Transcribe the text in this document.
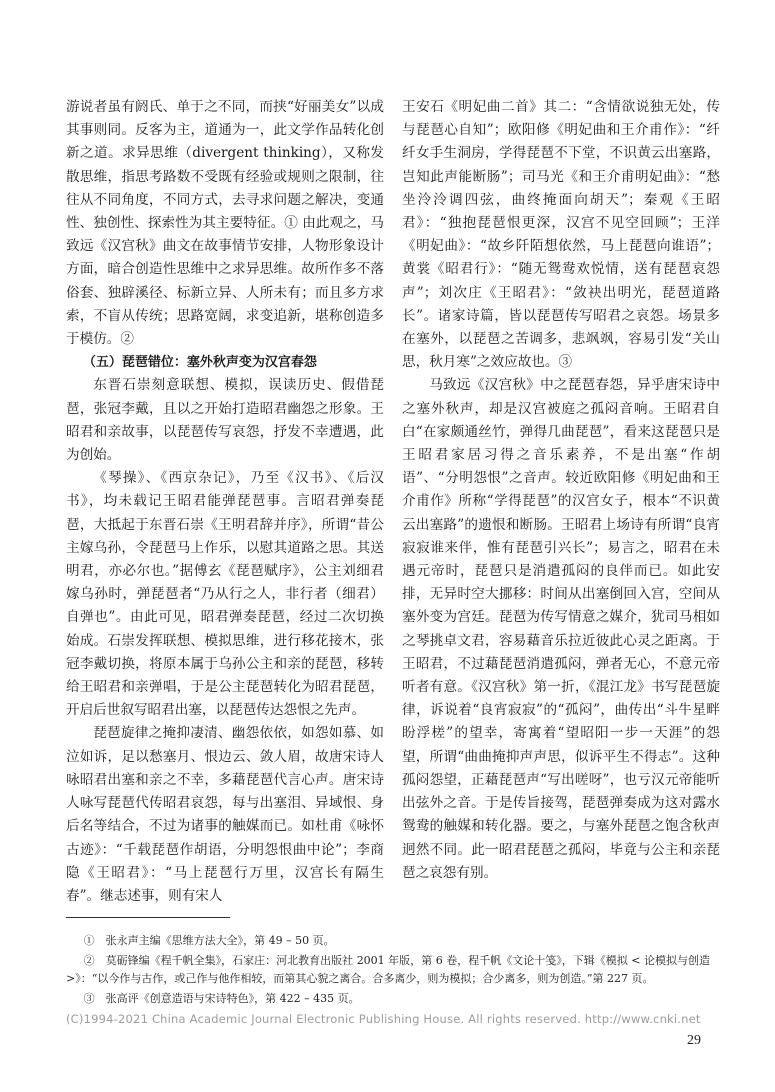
游说者虽有阏氏、单于之不同，而挟“好丽美女”以成其事则同。反客为主，道通为一，此文学作品转化创新之道。求异思维（divergent thinking），又称发散思维，指思考路数不受既有经验或规则之限制，往往从不同角度，不同方式，去寻求问题之解决，变通性、独创性、探索性为其主要特征。① 由此观之，马致远《汉宫秋》曲文在故事情节安排，人物形象设计方面，暗合创造性思维中之求异思维。故所作多不落俗套、独辟溪径、标新立异、人所未有；而且多方求索，不盲从传统；思路宽阔，求变追新，堪称创造多于模仿。②

（五）琵琶错位：塞外秋声变为汉宫春怨

东晋石崇刻意联想、模拟，误读历史、假借琵琶，张冠李戴，且以之开始打造昭君幽怨之形象。王昭君和亲故事，以琵琶传写哀怨，抒发不幸遭遇，此为创始。

《琴操》、《西京杂记》，乃至《汉书》、《后汉书》，均未载记王昭君能弹琵琶事。言昭君弹奏琵琶，大抵起于东晋石崇《王明君辞并序》，所谓“昔公主嫁乌孙，令琵琶马上作乐，以慰其道路之思。其送明君，亦必尔也。”据傅玄《琵琶赋序》，公主刘细君嫁乌孙时，弹琵琶者“乃从行之人，非行者（细君）自弹也”。由此可见，昭君弹奏琵琶，经过二次切换始成。石崇发挥联想、模拟思维，进行移花接木，张冠李戴切换，将原本属于乌孙公主和亲的琵琶，移转给王昭君和亲弹唱，于是公主琵琶转化为昭君琵琶，开启后世叙写昭君出塞，以琵琶传达怨恨之先声。

琵琶旋律之掩抑凄清、幽怨依依，如怨如慕、如泣如诉，足以愁塞月、恨边云、敛人眉，故唐宋诗人咏昭君出塞和亲之不幸，多藉琵琶代言心声。唐宋诗人咏写琵琶代传昭君哀怨，每与出塞泪、异域恨、身后名等结合，不过为诸事的触媒而已。如杜甫《咏怀古迹》：“千载琵琶作胡语，分明怨恨曲中论”；李商隐《王昭君》：“马上琵琶行万里，汉宫长有隔生春”。继志述事，则有宋人

王安石《明妃曲二首》其二：“含情欲说独无处，传与琵琶心自知”；欧阳修《明妃曲和王介甫作》：“纤纤女手生洞房，学得琵琶不下堂，不识黄云出塞路，岂知此声能断肠”；司马光《和王介甫明妃曲》：“愁坐泠泠调四弦，曲终掩面向胡天”；秦观《王昭君》：“独抱琵琶恨更深，汉宫不见空回顾”；王洋《明妃曲》：“故乡阡陌想依然，马上琵琶向谁语”；黄裳《昭君行》：“随无鸳鸯欢悦情，送有琵琶哀怨声”；刘次庄《王昭君》：“敛袂出明光，琵琶道路长”。诸家诗篇，皆以琵琶传写昭君之哀怨。场景多在塞外，以琵琶之苦调多，悲飒飒，容易引发“关山思，秋月寒”之效应故也。③

马致远《汉宫秋》中之琵琶春怨，异乎唐宋诗中之塞外秋声，却是汉宫被庭之孤闷音响。王昭君自白“在家颇通丝竹，弹得几曲琵琶”，看来这琵琶只是王昭君家居习得之音乐素养，不是出塞“作胡语”、“分明怨恨”之音声。较近欧阳修《明妃曲和王介甫作》所称“学得琵琶”的汉宫女子，根本“不识黄云出塞路”的遗恨和断肠。王昭君上场诗有所谓“良宵寂寂谁来伴，惟有琵琶引兴长”；易言之，昭君在未遇元帝时，琵琶只是消遣孤闷的良伴而已。如此安排，无异时空大挪移：时间从出塞倒回入宫，空间从塞外变为宫廷。琵琶为传写情意之媒介，犹司马相如之琴挑卓文君，容易藉音乐拉近彼此心灵之距离。于王昭君，不过藉琵琶消遣孤闷，弹者无心，不意元帝听者有意。《汉宫秋》第一折，《混江龙》书写琵琶旋律，诉说着“良宵寂寂”的“孤闷”，曲传出“斗牛星畔盼浮槎”的望幸，寄寓着“望昭阳一步一天涯”的怨望，所谓“曲曲掩抑声声思，似诉平生不得志”。这种孤闷怨望，正藉琵琶声“写出嗟呀”，也亏汉元帝能听出弦外之音。于是传旨接驾，琵琶弹奏成为这对露水鸳鸯的触媒和转化器。要之，与塞外琵琶之饱含秋声迥然不同。此一昭君琵琶之孤闷，毕竟与公主和亲琵琶之哀怨有别。

①　张永声主编《思维方法大全》，第 49 – 50 页。
②　莫砺锋编《程千帆全集》，石家庄：河北教育出版社 2001 年版，第 6 卷，程千帆《文论十笺》，下辑《模拟 < 论模拟与创造 >》：“以今作与古作，或己作与他作相较，而第其心貌之离合。合多离少，则为模拟；合少离多，则为创造。”第 227 页。
③　张高评《创意造语与宋诗特色》，第 422 – 435 页。
(C)1994-2021 China Academic Journal Electronic Publishing House. All rights reserved. http://www.cnki.net
29
